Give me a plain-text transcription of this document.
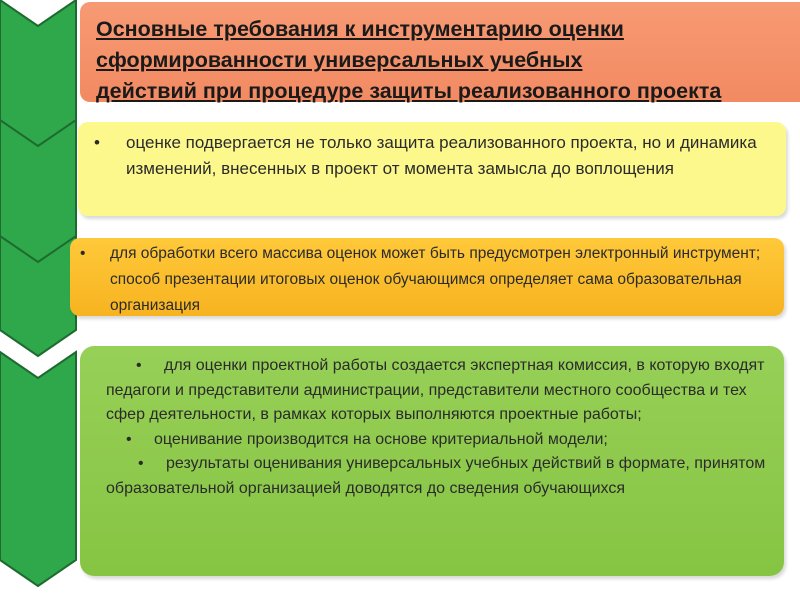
Основные требования к инструментарию оценки
сформированности универсальных учебных
действий при процедуре защиты реализованного проекта

• оценке подвергается не только защита реализованного проекта, но и динамика изменений, внесенных в проект от момента замысла до воплощения
• для обработки всего массива оценок может быть предусмотрен электронный инструмент; способ презентации итоговых оценок обучающимся определяет сама образовательная организация
• для оценки проектной работы создается экспертная комиссия, в которую входят педагоги и представители администрации, представители местного сообщества и тех сфер деятельности, в рамках которых выполняются проектные работы;
• оценивание производится на основе критериальной модели;
• результаты оценивания универсальных учебных действий в формате, принятом образовательной организацией доводятся до сведения обучающихся
